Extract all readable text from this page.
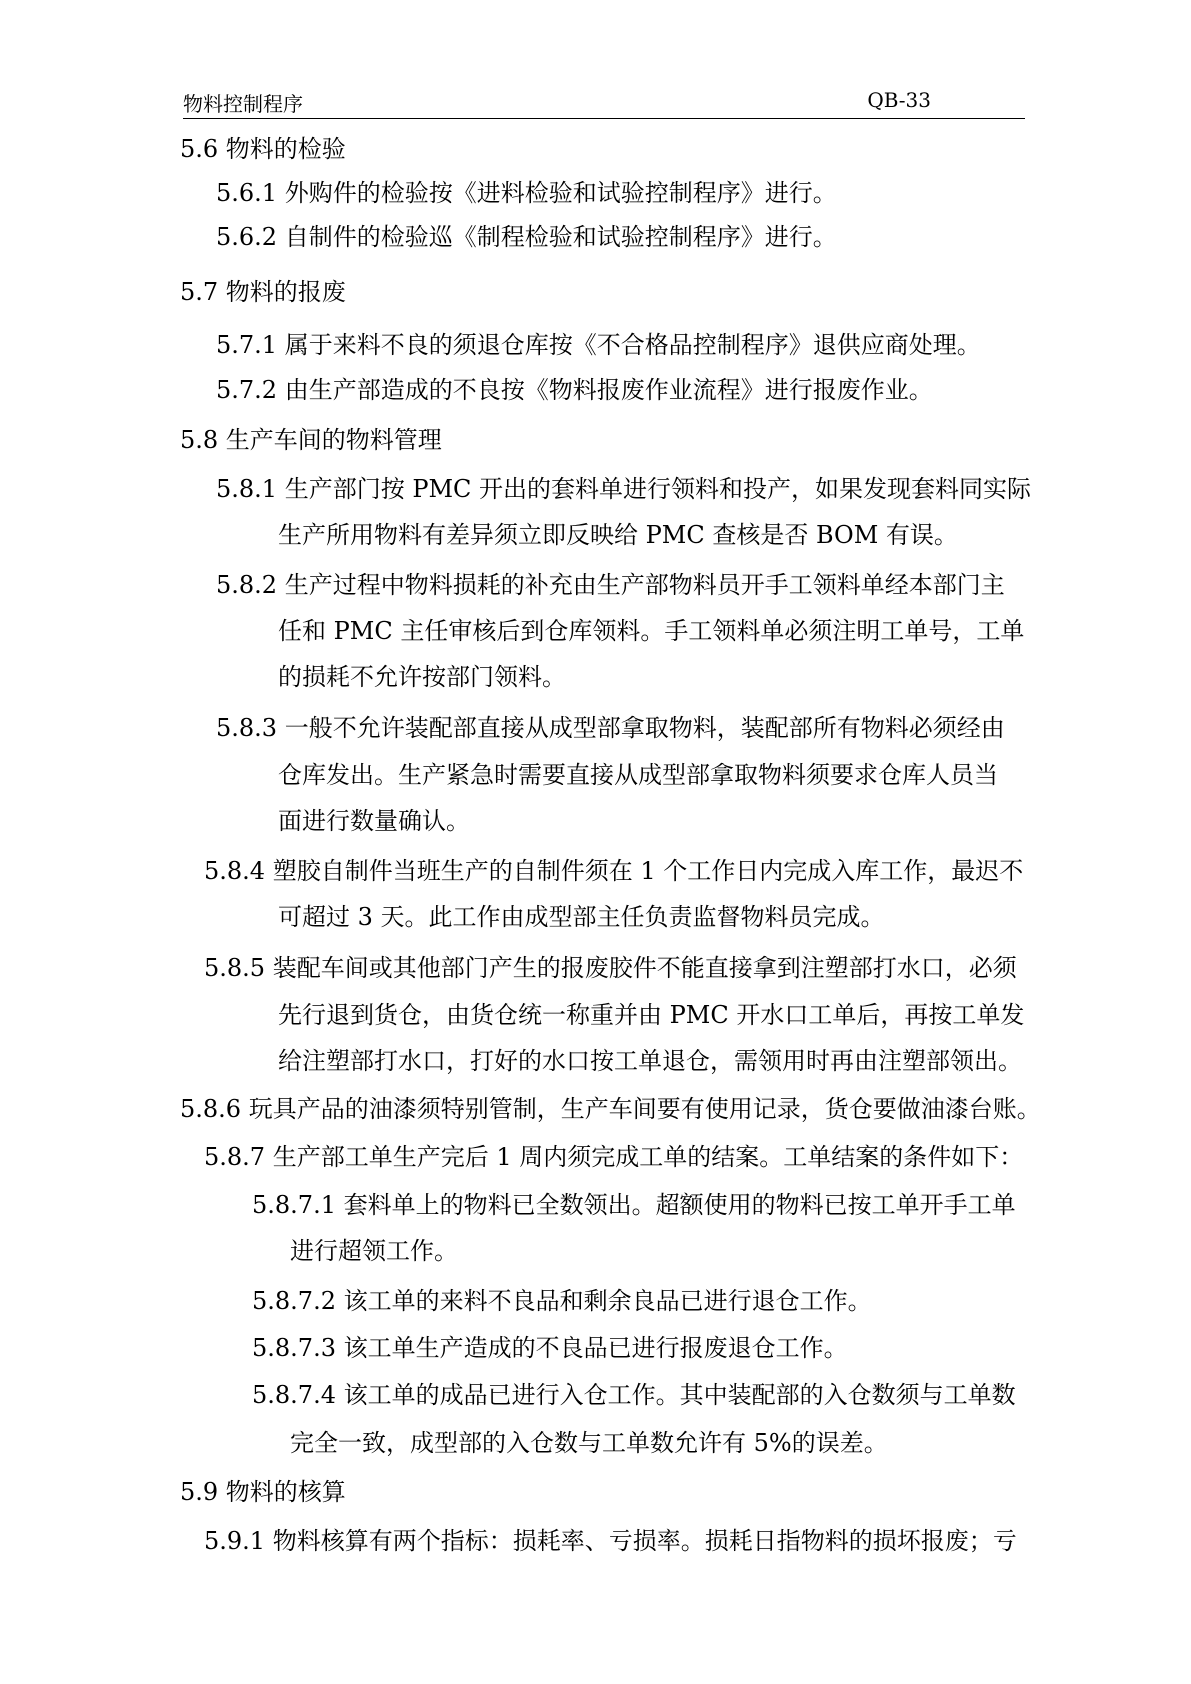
物料控制程序	QB-33
5.6 物料的检验
5.6.1 外购件的检验按《进料检验和试验控制程序》进行。
5.6.2 自制件的检验巡《制程检验和试验控制程序》进行。
5.7 物料的报废
5.7.1 属于来料不良的须退仓库按《不合格品控制程序》退供应商处理。
5.7.2 由生产部造成的不良按《物料报废作业流程》进行报废作业。
5.8 生产车间的物料管理
5.8.1 生产部门按 PMC 开出的套料单进行领料和投产，如果发现套料同实际
生产所用物料有差异须立即反映给 PMC 查核是否 BOM 有误。
5.8.2 生产过程中物料损耗的补充由生产部物料员开手工领料单经本部门主
任和 PMC 主任审核后到仓库领料。手工领料单必须注明工单号，工单
的损耗不允许按部门领料。
5.8.3 一般不允许装配部直接从成型部拿取物料，装配部所有物料必须经由
仓库发出。生产紧急时需要直接从成型部拿取物料须要求仓库人员当
面进行数量确认。
5.8.4 塑胶自制件当班生产的自制件须在 1 个工作日内完成入库工作，最迟不
可超过 3 天。此工作由成型部主任负责监督物料员完成。
5.8.5 装配车间或其他部门产生的报废胶件不能直接拿到注塑部打水口，必须
先行退到货仓，由货仓统一称重并由 PMC 开水口工单后，再按工单发
给注塑部打水口，打好的水口按工单退仓，需领用时再由注塑部领出。
5.8.6 玩具产品的油漆须特别管制，生产车间要有使用记录，货仓要做油漆台账。
5.8.7 生产部工单生产完后 1 周内须完成工单的结案。工单结案的条件如下：
5.8.7.1 套料单上的物料已全数领出。超额使用的物料已按工单开手工单
进行超领工作。
5.8.7.2 该工单的来料不良品和剩余良品已进行退仓工作。
5.8.7.3 该工单生产造成的不良品已进行报废退仓工作。
5.8.7.4 该工单的成品已进行入仓工作。其中装配部的入仓数须与工单数
完全一致，成型部的入仓数与工单数允许有 5%的误差。
5.9 物料的核算
5.9.1 物料核算有两个指标：损耗率、亏损率。损耗日指物料的损坏报废；亏
